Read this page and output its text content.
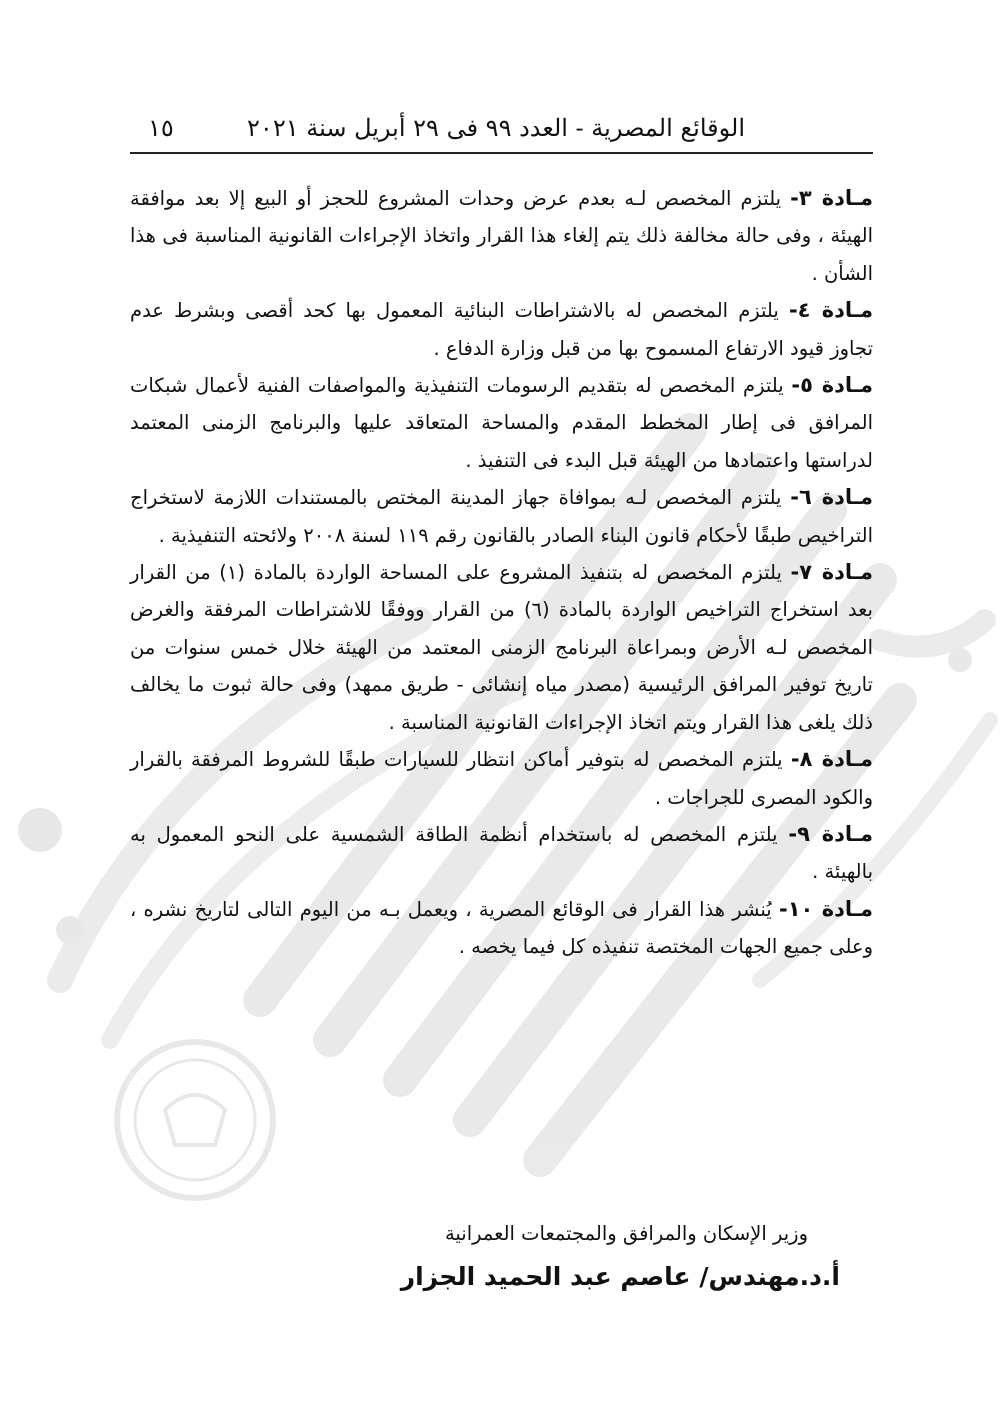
الوقائع المصرية - العدد ٩٩ فى ٢٩ أبريل سنة ٢٠٢١
١٥

مـادة ٣- يلتزم المخصص لـه بعدم عرض وحدات المشروع للحجز أو البيع إلا بعد موافقة الهيئة ، وفى حالة مخالفة ذلك يتم إلغاء هذا القرار واتخاذ الإجراءات القانونية المناسبة فى هذا الشأن .

مـادة ٤- يلتزم المخصص له بالاشتراطات البنائية المعمول بها كحد أقصى وبشرط عدم تجاوز قيود الارتفاع المسموح بها من قبل وزارة الدفاع .

مـادة ٥- يلتزم المخصص له بتقديم الرسومات التنفيذية والمواصفات الفنية لأعمال شبكات المرافق فى إطار المخطط المقدم والمساحة المتعاقد عليها والبرنامج الزمنى المعتمد لدراستها واعتمادها من الهيئة قبل البدء فى التنفيذ .

مـادة ٦- يلتزم المخصص لـه بموافاة جهاز المدينة المختص بالمستندات اللازمة لاستخراج التراخيص طبقًا لأحكام قانون البناء الصادر بالقانون رقم ١١٩ لسنة ٢٠٠٨ ولائحته التنفيذية .

مـادة ٧- يلتزم المخصص له بتنفيذ المشروع على المساحة الواردة بالمادة (١) من القرار بعد استخراج التراخيص الواردة بالمادة (٦) من القرار ووفقًا للاشتراطات المرفقة والغرض المخصص لـه الأرض وبمراعاة البرنامج الزمنى المعتمد من الهيئة خلال خمس سنوات من تاريخ توفير المرافق الرئيسية (مصدر مياه إنشائى - طريق ممهد) وفى حالة ثبوت ما يخالف ذلك يلغى هذا القرار ويتم اتخاذ الإجراءات القانونية المناسبة .

مـادة ٨- يلتزم المخصص له بتوفير أماكن انتظار للسيارات طبقًا للشروط المرفقة بالقرار والكود المصرى للجراجات .

مـادة ٩- يلتزم المخصص له باستخدام أنظمة الطاقة الشمسية على النحو المعمول به بالهيئة .

مـادة ١٠- يُنشر هذا القرار فى الوقائع المصرية ، ويعمل بـه من اليوم التالى لتاريخ نشره ، وعلى جميع الجهات المختصة تنفيذه كل فيما يخصه .

وزير الإسكان والمرافق والمجتمعات العمرانية
أ.د.مهندس/ عاصم عبد الحميد الجزار
